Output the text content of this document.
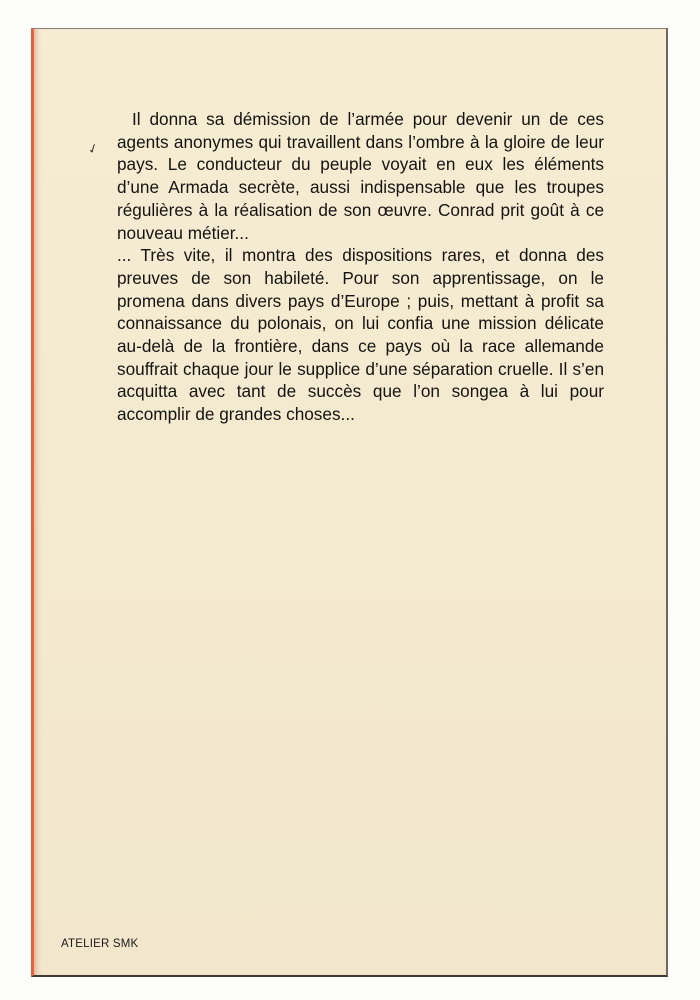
✓

Il donna sa démission de l’armée pour devenir un de ces agents anonymes qui travaillent dans l’ombre à la gloire de leur pays. Le conducteur du peuple voyait en eux les éléments d’une Armada secrète, aussi indispensable que les troupes régulières à la réalisation de son œuvre. Conrad prit goût à ce nouveau métier...

... Très vite, il montra des dispositions rares, et donna des preuves de son habileté. Pour son apprentissage, on le promena dans divers pays d’Europe ; puis, mettant à profit sa connaissance du polonais, on lui confia une mission délicate au-delà de la frontière, dans ce pays où la race allemande souffrait chaque jour le supplice d’une séparation cruelle. Il s’en acquitta avec tant de succès que l’on songea à lui pour accomplir de grandes choses...

ATELIER SMK
